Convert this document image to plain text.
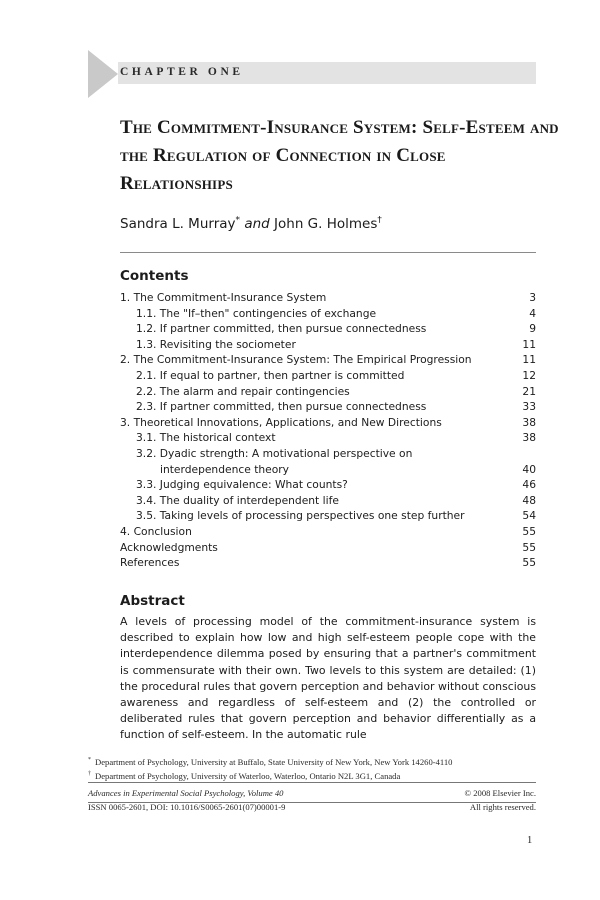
CHAPTER ONE
The Commitment-Insurance System: Self-Esteem and the Regulation of Connection in Close Relationships
Sandra L. Murray* and John G. Holmes†
Contents
1. The Commitment-Insurance System	3
1.1. The "If–then" contingencies of exchange	4
1.2. If partner committed, then pursue connectedness	9
1.3. Revisiting the sociometer	11
2. The Commitment-Insurance System: The Empirical Progression	11
2.1. If equal to partner, then partner is committed	12
2.2. The alarm and repair contingencies	21
2.3. If partner committed, then pursue connectedness	33
3. Theoretical Innovations, Applications, and New Directions	38
3.1. The historical context	38
3.2. Dyadic strength: A motivational perspective on
interdependence theory	40
3.3. Judging equivalence: What counts?	46
3.4. The duality of interdependent life	48
3.5. Taking levels of processing perspectives one step further	54
4. Conclusion	55
Acknowledgments	55
References	55
Abstract

A levels of processing model of the commitment-insurance system is described to explain how low and high self-esteem people cope with the interdependence dilemma posed by ensuring that a partner's commitment is commensurate with their own. Two levels to this system are detailed: (1) the procedural rules that govern perception and behavior without conscious awareness and regardless of self-esteem and (2) the controlled or deliberated rules that govern perception and behavior differentially as a function of self-esteem. In the automatic rule

* Department of Psychology, University at Buffalo, State University of New York, New York 14260-4110
† Department of Psychology, University of Waterloo, Waterloo, Ontario N2L 3G1, Canada
Advances in Experimental Social Psychology, Volume 40	© 2008 Elsevier Inc.
ISSN 0065-2601, DOI: 10.1016/S0065-2601(07)00001-9	All rights reserved.
1
